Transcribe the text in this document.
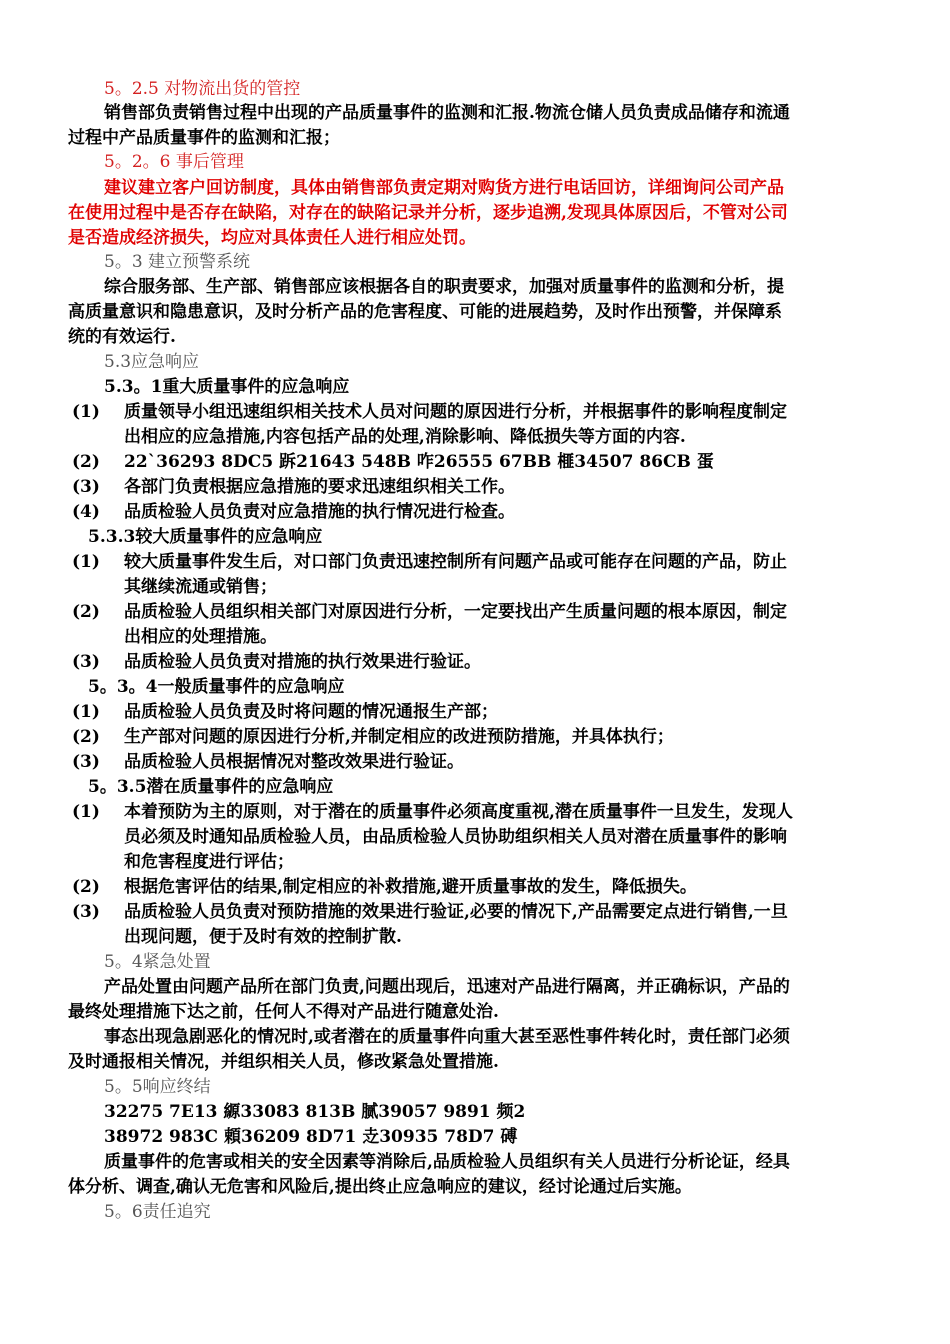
5。2.5 对物流出货的管控
销售部负责销售过程中出现的产品质量事件的监测和汇报.物流仓储人员负责成品储存和流通
过程中产品质量事件的监测和汇报；
5。2。6 事后管理
建议建立客户回访制度，具体由销售部负责定期对购货方进行电话回访，详细询问公司产品
在使用过程中是否存在缺陷，对存在的缺陷记录并分析，逐步追溯,发现具体原因后，不管对公司
是否造成经济损失，均应对具体责任人进行相应处罚。
5。3 建立预警系统
综合服务部、生产部、销售部应该根据各自的职责要求，加强对质量事件的监测和分析，提
高质量意识和隐患意识，及时分析产品的危害程度、可能的进展趋势，及时作出预警，并保障系
统的有效运行.
5.3应急响应
5.3。1重大质量事件的应急响应
(1) 质量领导小组迅速组织相关技术人员对问题的原因进行分析，并根据事件的影响程度制定
出相应的应急措施,内容包括产品的处理,消除影响、降低损失等方面的内容.
(2) 22`36293 8DC5 跅21643 548B 咋26555 67BB 榧34507 86CB 蛋
(3) 各部门负责根据应急措施的要求迅速组织相关工作。
(4) 品质检验人员负责对应急措施的执行情况进行检查。
5.3.3较大质量事件的应急响应
(1) 较大质量事件发生后，对口部门负责迅速控制所有问题产品或可能存在问题的产品，防止
其继续流通或销售；
(2) 品质检验人员组织相关部门对原因进行分析，一定要找出产生质量问题的根本原因，制定
出相应的处理措施。
(3) 品质检验人员负责对措施的执行效果进行验证。
5。3。4一般质量事件的应急响应
(1) 品质检验人员负责及时将问题的情况通报生产部；
(2) 生产部对问题的原因进行分析,并制定相应的改进预防措施，并具体执行；
(3) 品质检验人员根据情况对整改效果进行验证。
5。3.5潜在质量事件的应急响应
(1) 本着预防为主的原则，对于潜在的质量事件必须高度重视,潜在质量事件一旦发生，发现人
员必须及时通知品质检验人员，由品质检验人员协助组织相关人员对潜在质量事件的影响
和危害程度进行评估；
(2) 根据危害评估的结果,制定相应的补救措施,避开质量事故的发生，降低损失。
(3) 品质检验人员负责对预防措施的效果进行验证,必要的情况下,产品需要定点进行销售,一旦
出现问题，便于及时有效的控制扩散.
5。4紧急处置
产品处置由问题产品所在部门负责,问题出现后，迅速对产品进行隔离，并正确标识，产品的
最终处理措施下达之前，任何人不得对产品进行随意处治.
事态出现急剧恶化的情况时,或者潜在的质量事件向重大甚至恶性事件转化时，责任部门必须
及时通报相关情况，并组织相关人员，修改紧急处置措施.
5。5响应终结
32275 7E13 縓33083 813B 腻39057 9891 频2
38972 983C 頼36209 8D71 赱30935 78D7 磗
质量事件的危害或相关的安全因素等消除后,品质检验人员组织有关人员进行分析论证，经具
体分析、调查,确认无危害和风险后,提出终止应急响应的建议，经讨论通过后实施。
5。6责任追究
